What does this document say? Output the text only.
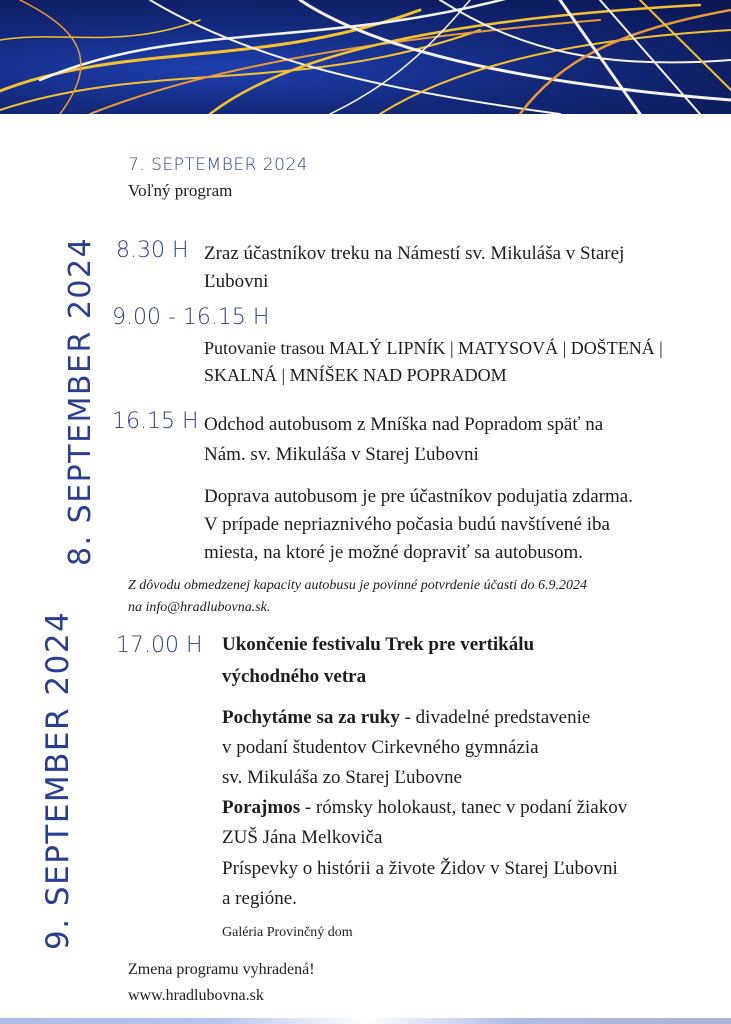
7. SEPTEMBER 2024
Voľný program
8. SEPTEMBER 2024 8.30 H Zraz účastníkov treku na Námestí sv. Mikuláša v Starej
Ľubovni
9.00 - 16.15 H
Putovanie trasou MALÝ LIPNÍK | MATYSOVÁ | DOŠTENÁ |
SKALNÁ | MNÍŠEK NAD POPRADOM
16.15 H Odchod autobusom z Mníška nad Popradom späť na
Nám. sv. Mikuláša v Starej Ľubovni
Doprava autobusom je pre účastníkov podujatia zdarma.
V prípade nepriaznivého počasia budú navštívené iba
miesta, na ktoré je možné dopraviť sa autobusom.
Z dôvodu obmedzenej kapacity autobusu je povinné potvrdenie účasti do 6.9.2024
na info@hradlubovna.sk.
9. SEPTEMBER 2024 17.00 H Ukončenie festivalu Trek pre vertikálu
východného vetra
Pochytáme sa za ruky - divadelné predstavenie
v podaní študentov Cirkevného gymnázia
sv. Mikuláša zo Starej Ľubovne
Porajmos - rómsky holokaust, tanec v podaní žiakov
ZUŠ Jána Melkoviča
Príspevky o histórii a živote Židov v Starej Ľubovni
a regióne.
Galéria Provinčný dom
Zmena programu vyhradená!
www.hradlubovna.sk
